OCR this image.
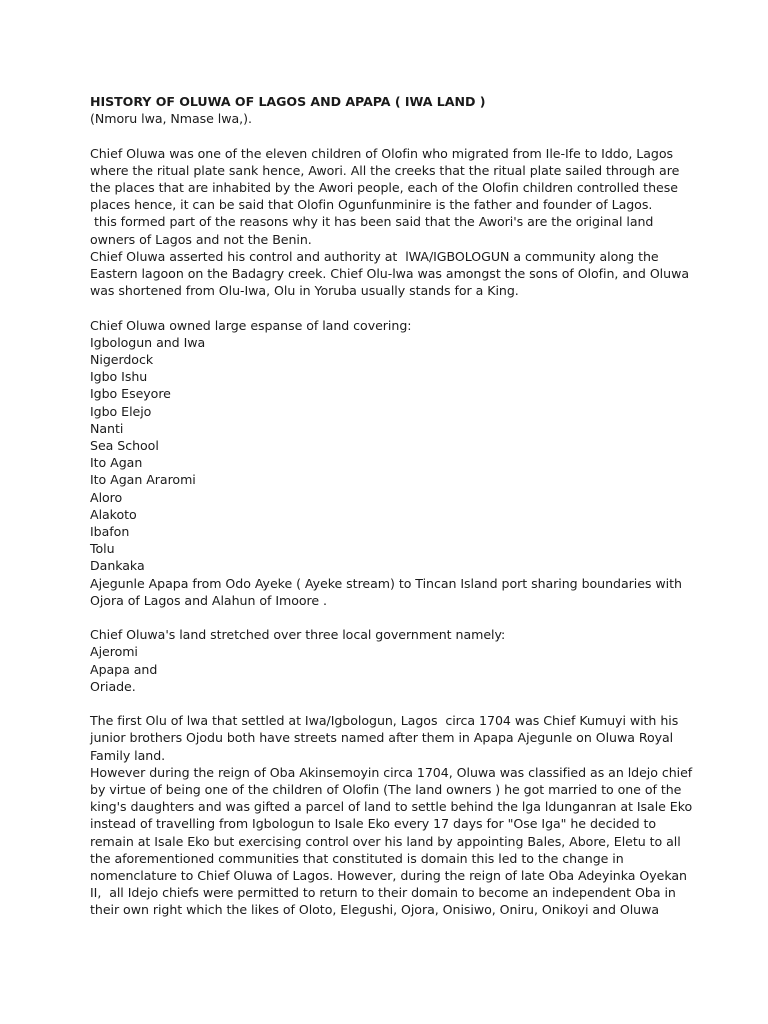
HISTORY OF OLUWA OF LAGOS AND APAPA ( IWA LAND )

(Nmoru lwa, Nmase lwa,).

Chief Oluwa was one of the eleven children of Olofin who migrated from Ile-Ife to Iddo, Lagos

where the ritual plate sank hence, Awori. All the creeks that the ritual plate sailed through are

the places that are inhabited by the Awori people, each of the Olofin children controlled these

places hence, it can be said that Olofin Ogunfunminire is the father and founder of Lagos.

this formed part of the reasons why it has been said that the Awori's are the original land

owners of Lagos and not the Benin.

Chief Oluwa asserted his control and authority at  lWA/IGBOLOGUN a community along the

Eastern lagoon on the Badagry creek. Chief Olu-lwa was amongst the sons of Olofin, and Oluwa

was shortened from Olu-Iwa, Olu in Yoruba usually stands for a King.

Chief Oluwa owned large espanse of land covering:

Igbologun and Iwa

Nigerdock

Igbo Ishu

Igbo Eseyore

Igbo Elejo

Nanti

Sea School

Ito Agan

Ito Agan Araromi

Aloro

Alakoto

Ibafon

Tolu

Dankaka

Ajegunle Apapa from Odo Ayeke ( Ayeke stream) to Tincan Island port sharing boundaries with

Ojora of Lagos and Alahun of Imoore .

Chief Oluwa's land stretched over three local government namely:

Ajeromi

Apapa and

Oriade.

The first Olu of lwa that settled at Iwa/Igbologun, Lagos  circa 1704 was Chief Kumuyi with his

junior brothers Ojodu both have streets named after them in Apapa Ajegunle on Oluwa Royal

Family land.

However during the reign of Oba Akinsemoyin circa 1704, Oluwa was classified as an ldejo chief

by virtue of being one of the children of Olofin (The land owners ) he got married to one of the

king's daughters and was gifted a parcel of land to settle behind the lga ldunganran at Isale Eko

instead of travelling from Igbologun to Isale Eko every 17 days for "Ose Iga" he decided to

remain at Isale Eko but exercising control over his land by appointing Bales, Abore, Eletu to all

the aforementioned communities that constituted is domain this led to the change in

nomenclature to Chief Oluwa of Lagos. However, during the reign of late Oba Adeyinka Oyekan

II,  all Idejo chiefs were permitted to return to their domain to become an independent Oba in

their own right which the likes of Oloto, Elegushi, Ojora, Onisiwo, Oniru, Onikoyi and Oluwa
